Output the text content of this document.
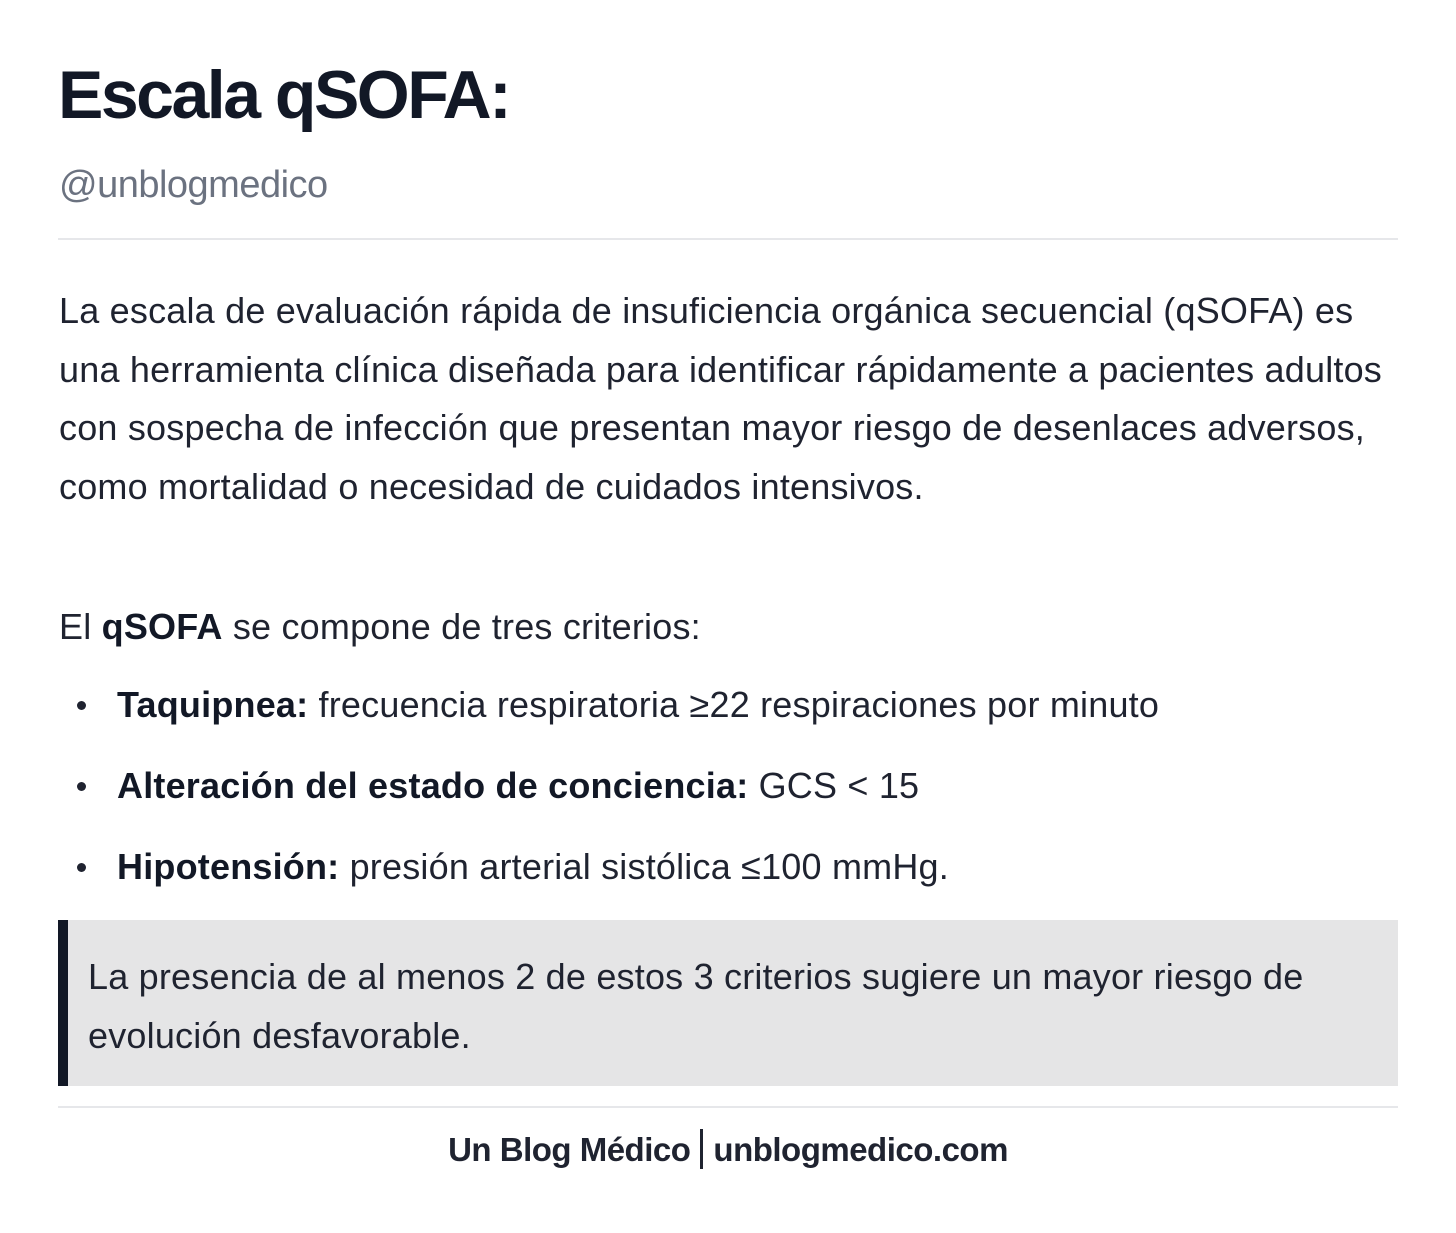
Escala qSOFA:
@unblogmedico

La escala de evaluación rápida de insuficiencia orgánica secuencial (qSOFA) es una herramienta clínica diseñada para identificar rápidamente a pacientes adultos con sospecha de infección que presentan mayor riesgo de desenlaces adversos, como mortalidad o necesidad de cuidados intensivos.

El qSOFA se compone de tres criterios:

Taquipnea: frecuencia respiratoria ≥22 respiraciones por minuto
Alteración del estado de conciencia: GCS < 15
Hipotensión: presión arterial sistólica ≤100 mmHg.

La presencia de al menos 2 de estos 3 criterios sugiere un mayor riesgo de evolución desfavorable.

Un Blog Médico unblogmedico.com
